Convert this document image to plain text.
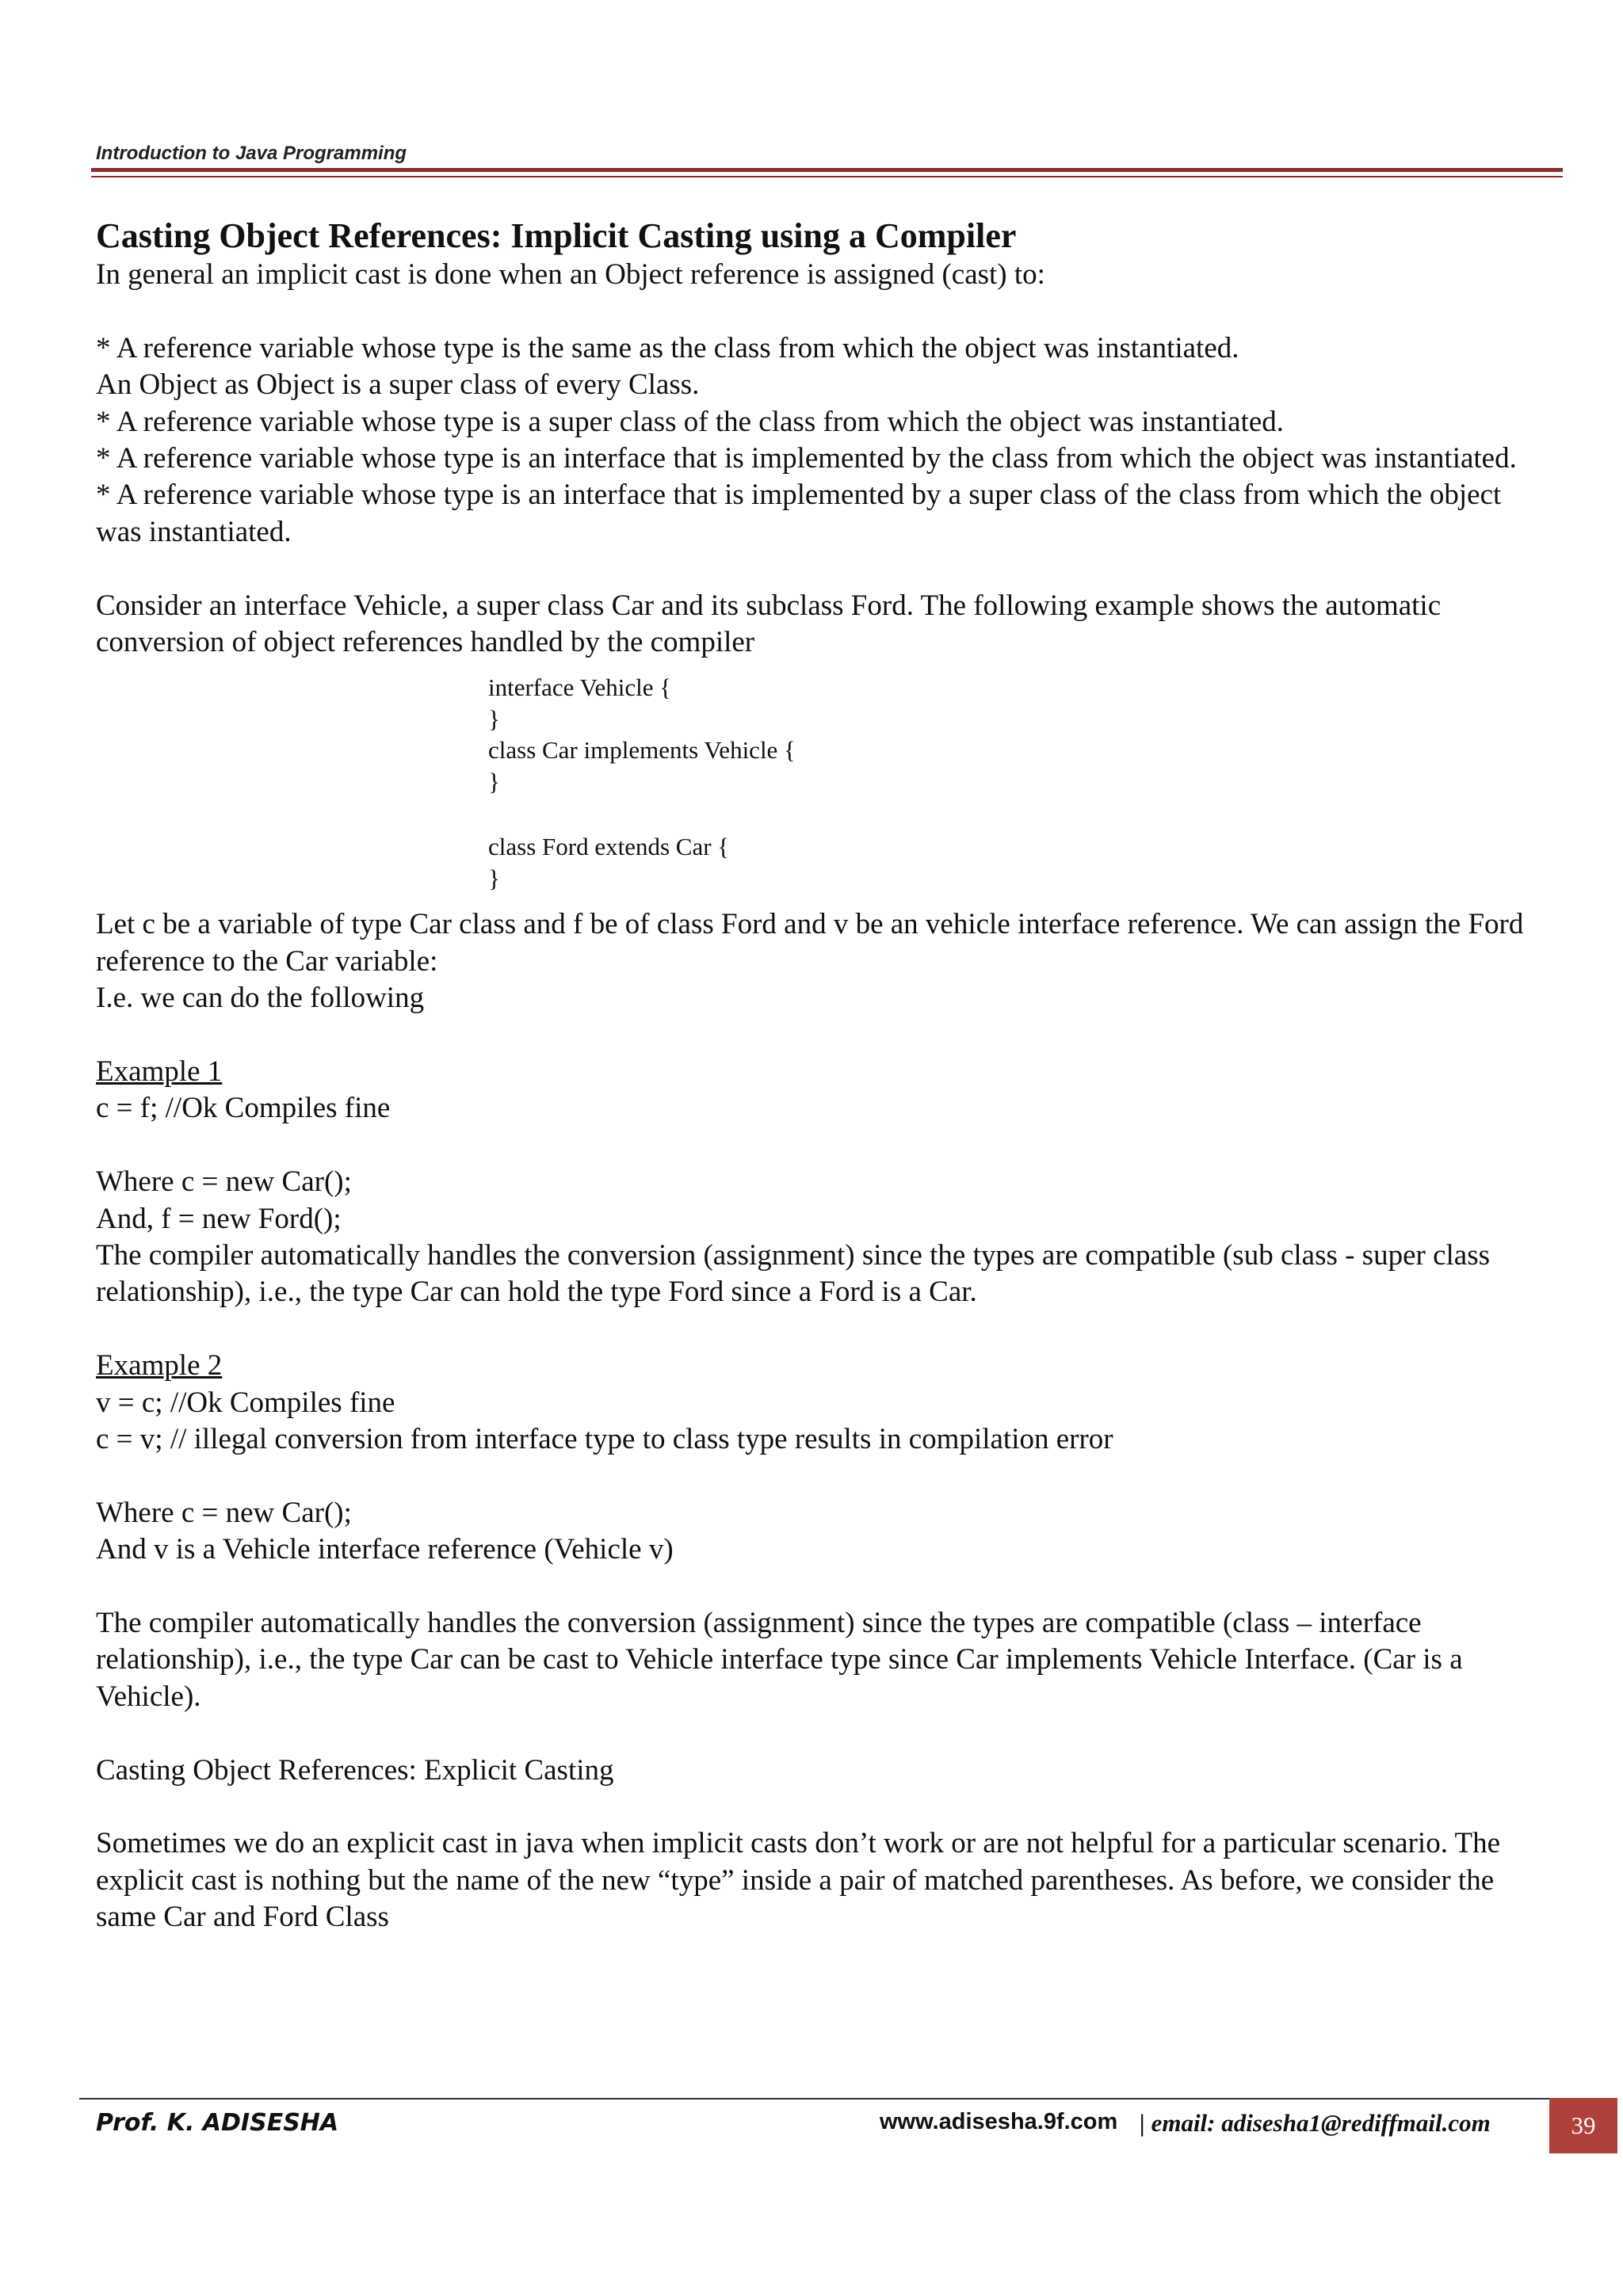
Introduction to Java Programming

Casting Object References: Implicit Casting using a Compiler

In general an implicit cast is done when an Object reference is assigned (cast) to:

* A reference variable whose type is the same as the class from which the object was instantiated.

An Object as Object is a super class of every Class.

* A reference variable whose type is a super class of the class from which the object was instantiated.

* A reference variable whose type is an interface that is implemented by the class from which the object was instantiated.

* A reference variable whose type is an interface that is implemented by a super class of the class from which the object was instantiated.

Consider an interface Vehicle, a super class Car and its subclass Ford. The following example shows the automatic conversion of object references handled by the compiler

interface Vehicle {
}
class Car implements Vehicle {
}
class Ford extends Car {
}

Let c be a variable of type Car class and f be of class Ford and v be an vehicle interface reference. We can assign the Ford reference to the Car variable:

I.e. we can do the following

Example 1

c = f; //Ok Compiles fine

Where c = new Car();

And, f = new Ford();

The compiler automatically handles the conversion (assignment) since the types are compatible (sub class - super class relationship), i.e., the type Car can hold the type Ford since a Ford is a Car.

Example 2

v = c; //Ok Compiles fine

c = v; // illegal conversion from interface type to class type results in compilation error

Where c = new Car();

And v is a Vehicle interface reference (Vehicle v)

The compiler automatically handles the conversion (assignment) since the types are compatible (class – interface relationship), i.e., the type Car can be cast to Vehicle interface type since Car implements Vehicle Interface. (Car is a Vehicle).

Casting Object References: Explicit Casting

Sometimes we do an explicit cast in java when implicit casts don’t work or are not helpful for a particular scenario. The explicit cast is nothing but the name of the new “type” inside a pair of matched parentheses. As before, we consider the same Car and Ford Class

Prof. K. ADISESHA	www.adisesha.9f.com | email: adisesha1@rediffmail.com	39
